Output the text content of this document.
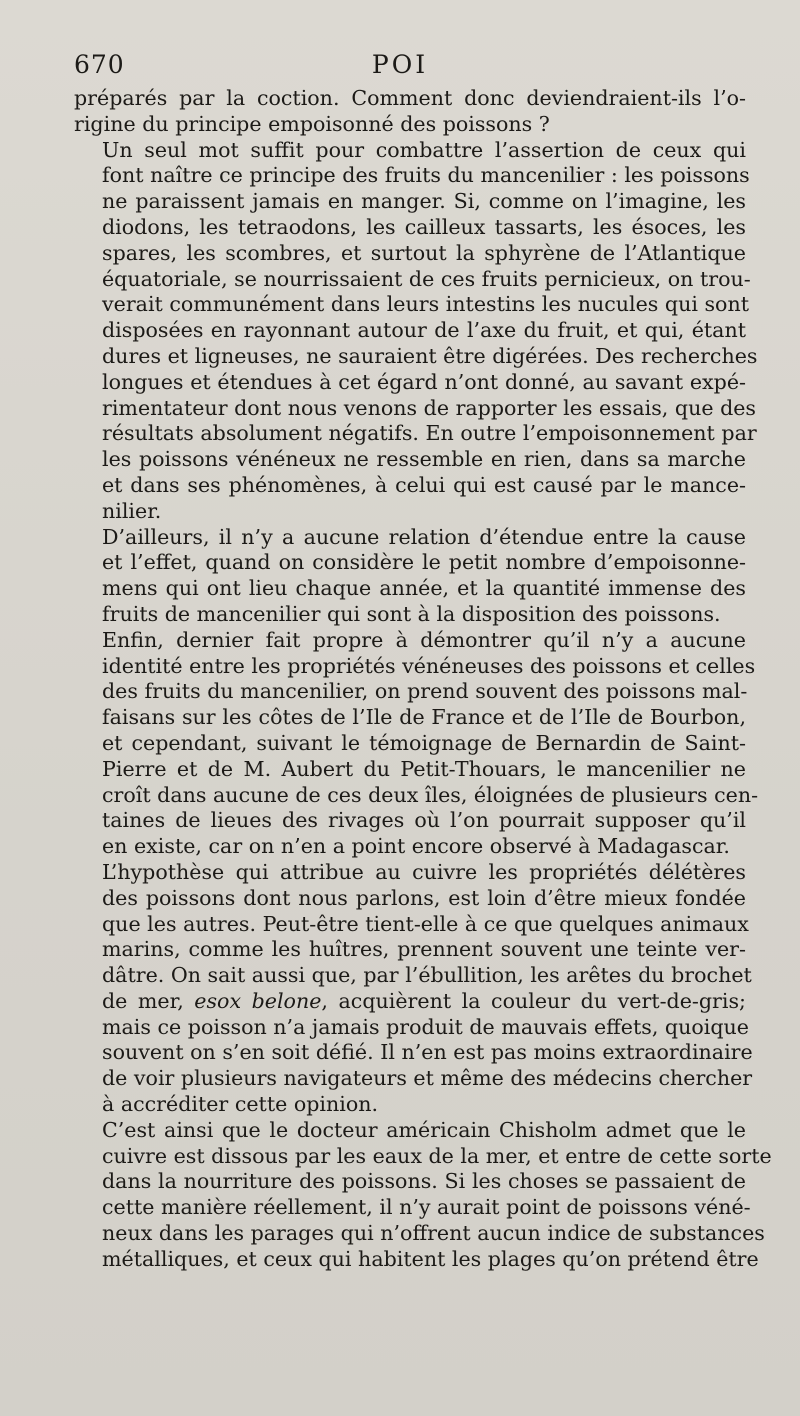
670	POI

préparés par la coction. Comment donc deviendraient-ils l’o-
rigine du principe empoisonné des poissons ?

Un seul mot suffit pour combattre l’assertion de ceux qui
font naître ce principe des fruits du mancenilier : les poissons
ne paraissent jamais en manger. Si, comme on l’imagine, les
diodons, les tetraodons, les cailleux tassarts, les ésoces, les
spares, les scombres, et surtout la sphyrène de l’Atlantique
équatoriale, se nourrissaient de ces fruits pernicieux, on trou-
verait communément dans leurs intestins les nucules qui sont
disposées en rayonnant autour de l’axe du fruit, et qui, étant
dures et ligneuses, ne sauraient être digérées. Des recherches
longues et étendues à cet égard n’ont donné, au savant expé-
rimentateur dont nous venons de rapporter les essais, que des
résultats absolument négatifs. En outre l’empoisonnement par
les poissons vénéneux ne ressemble en rien, dans sa marche
et dans ses phénomènes, à celui qui est causé par le mance-
nilier.

D’ailleurs, il n’y a aucune relation d’étendue entre la cause
et l’effet, quand on considère le petit nombre d’empoisonne-
mens qui ont lieu chaque année, et la quantité immense des
fruits de mancenilier qui sont à la disposition des poissons.

Enfin, dernier fait propre à démontrer qu’il n’y a aucune
identité entre les propriétés vénéneuses des poissons et celles
des fruits du mancenilier, on prend souvent des poissons mal-
faisans sur les côtes de l’Ile de France et de l’Ile de Bourbon,
et cependant, suivant le témoignage de Bernardin de Saint-
Pierre et de M. Aubert du Petit-Thouars, le mancenilier ne
croît dans aucune de ces deux îles, éloignées de plusieurs cen-
taines de lieues des rivages où l’on pourrait supposer qu’il
en existe, car on n’en a point encore observé à Madagascar.

L’hypothèse qui attribue au cuivre les propriétés délétères
des poissons dont nous parlons, est loin d’être mieux fondée
que les autres. Peut-être tient-elle à ce que quelques animaux
marins, comme les huîtres, prennent souvent une teinte ver-
dâtre. On sait aussi que, par l’ébullition, les arêtes du brochet
de mer, esox belone, acquièrent la couleur du vert-de-gris;
mais ce poisson n’a jamais produit de mauvais effets, quoique
souvent on s’en soit défié. Il n’en est pas moins extraordinaire
de voir plusieurs navigateurs et même des médecins chercher
à accréditer cette opinion.

C’est ainsi que le docteur américain Chisholm admet que le
cuivre est dissous par les eaux de la mer, et entre de cette sorte
dans la nourriture des poissons. Si les choses se passaient de
cette manière réellement, il n’y aurait point de poissons véné-
neux dans les parages qui n’offrent aucun indice de substances
métalliques, et ceux qui habitent les plages qu’on prétend être
